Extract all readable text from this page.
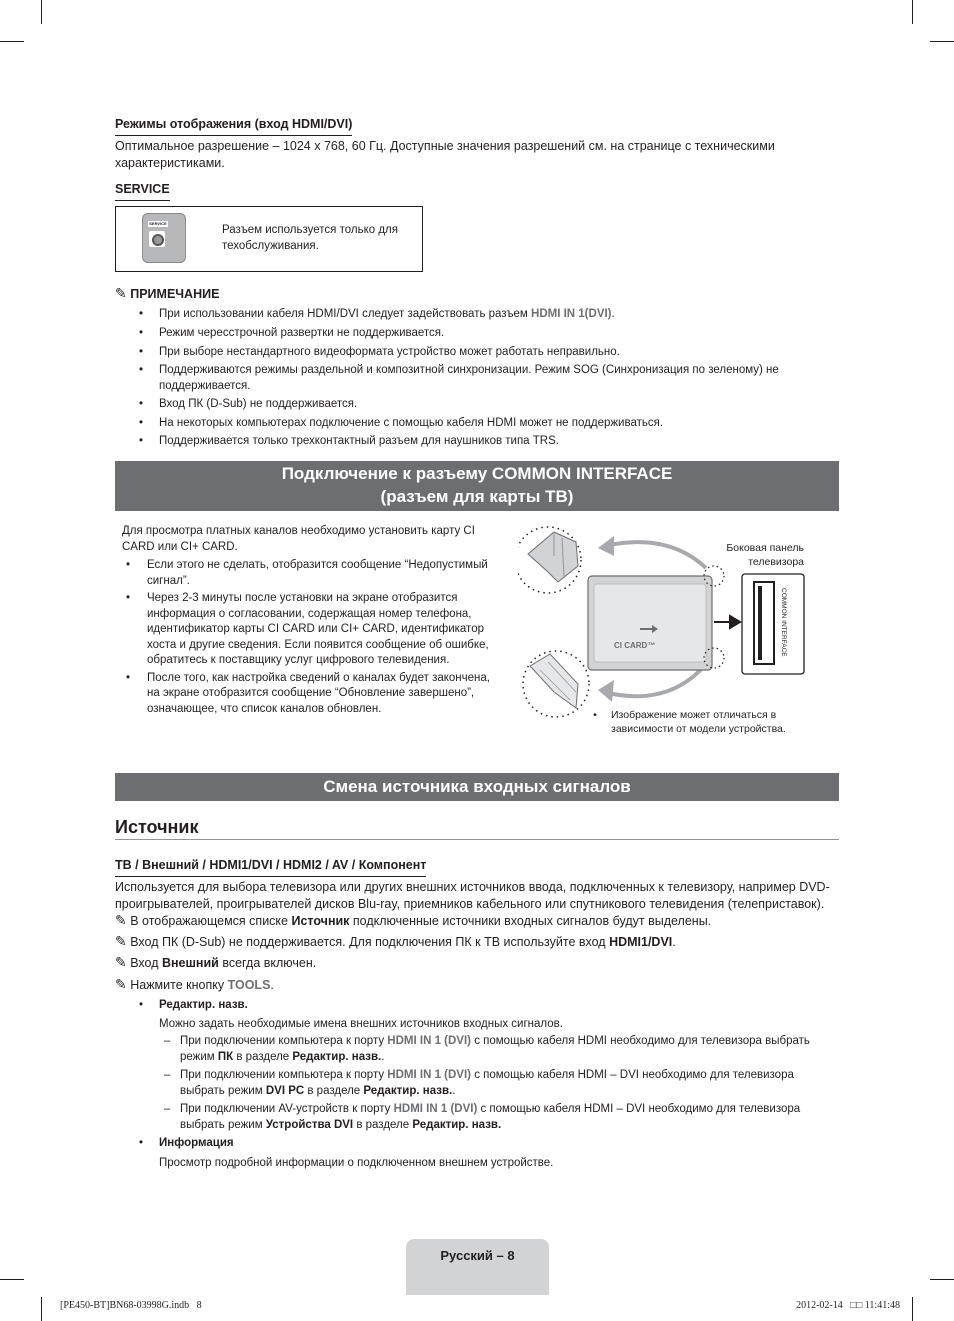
Режимы отображения (вход HDMI/DVI)
Оптимальное разрешение – 1024 x 768, 60 Гц. Доступные значения разрешений см. на странице с техническими характеристиками.
SERVICE
SERVICE
Разъем используется только для техобслуживания.
✎ ПРИМЕЧАНИЕ
• При использовании кабеля HDMI/DVI следует задействовать разъем HDMI IN 1(DVI).
• Режим чересстрочной развертки не поддерживается.
• При выборе нестандартного видеоформата устройство может работать неправильно.
• Поддерживаются режимы раздельной и композитной синхронизации. Режим SOG (Синхронизация по зеленому) не поддерживается.
• Вход ПК (D-Sub) не поддерживается.
• На некоторых компьютерах подключение с помощью кабеля HDMI может не поддерживаться.
• Поддерживается только трехконтактный разъем для наушников типа TRS.
Подключение к разъему COMMON INTERFACE
(разъем для карты ТВ)
Для просмотра платных каналов необходимо установить карту CI CARD или CI+ CARD.
• Если этого не сделать, отобразится сообщение “Недопустимый сигнал”.
• Через 2-3 минуты после установки на экране отобразится информация о согласовании, содержащая номер телефона, идентификатор карты CI CARD или CI+ CARD, идентификатор хоста и другие сведения. Если появится сообщение об ошибке, обратитесь к поставщику услуг цифрового телевидения.
• После того, как настройка сведений о каналах будет закончена, на экране отобразится сообщение “Обновление завершено”, означающее, что список каналов обновлен.
Боковая панель
телевизора
CI CARD™	COMMON INTERFACE
• Изображение может отличаться в зависимости от модели устройства.
Смена источника входных сигналов
Источник
ТВ / Внешний / HDMI1/DVI / HDMI2 / AV / Компонент
Используется для выбора телевизора или других внешних источников ввода, подключенных к телевизору, например DVD-проигрывателей, проигрывателей дисков Blu-ray, приемников кабельного или спутникового телевидения (телеприставок).
✎ В отображающемся списке Источник подключенные источники входных сигналов будут выделены.
✎ Вход ПК (D-Sub) не поддерживается. Для подключения ПК к ТВ используйте вход HDMI1/DVI.
✎ Вход Внешний всегда включен.
✎ Нажмите кнопку TOOLS.
• Редактир. назв.
Можно задать необходимые имена внешних источников входных сигналов.
– При подключении компьютера к порту HDMI IN 1 (DVI) с помощью кабеля HDMI необходимо для телевизора выбрать режим ПК в разделе Редактир. назв..
– При подключении компьютера к порту HDMI IN 1 (DVI) с помощью кабеля HDMI – DVI необходимо для телевизора выбрать режим DVI PC в разделе Редактир. назв..
– При подключении AV-устройств к порту HDMI IN 1 (DVI) с помощью кабеля HDMI – DVI необходимо для телевизора выбрать режим Устройства DVI в разделе Редактир. назв.
• Информация
Просмотр подробной информации о подключенном внешнем устройстве.
Русский – 8
[PE450-BT]BN68-03998G.indb   8	2012-02-14   □□ 11:41:48
